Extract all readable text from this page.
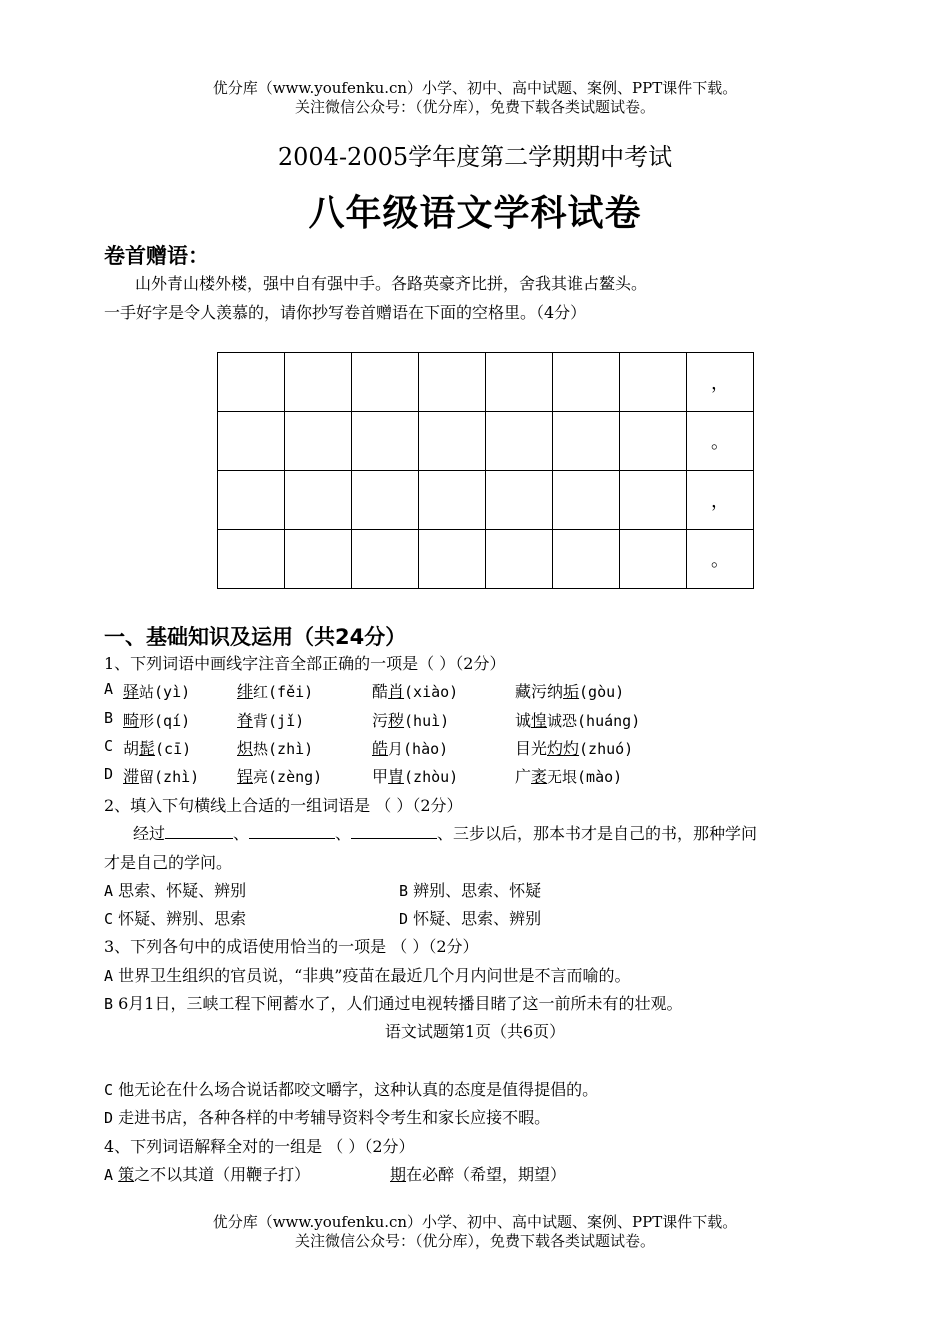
优分库（www.youfenku.cn）小学、初中、高中试题、案例、PPT课件下载。
关注微信公众号：（优分库），免费下载各类试题试卷。
2004-2005学年度第二学期期中考试
八年级语文学科试卷
卷首赠语：
山外青山楼外楼，强中自有强中手。各路英豪齐比拼，舍我其谁占鳌头。
一手好字是令人羡慕的，请你抄写卷首赠语在下面的空格里。（4分）
							，
							。
							，
							。
一、基础知识及运用（共24分）
1、下列词语中画线字注音全部正确的一项是（ ）（2分）
A 驿站(yì)	绯红(fěi)	酷肖(xiào)	藏污纳垢(gòu)
B 畸形(qí)	脊背(jǐ)	污秽(huì)	诚惶诚恐(huáng)
C 胡髭(cī)	炽热(zhì)	皓月(hào)	目光灼灼(zhuó)
D 滞留(zhì) 锃亮(zèng)	甲胄(zhòu)	广袤无垠(mào)
2、填入下句横线上合适的一组词语是 （ ）（2分）
经过	、	、	、三步以后，那本书才是自己的书，那种学问
才是自己的学问。
A 思索、怀疑、辨别	B 辨别、思索、怀疑
C 怀疑、辨别、思索	D 怀疑、思索、辨别
3、下列各句中的成语使用恰当的一项是 （ ）（2分）
A 世界卫生组织的官员说，“非典”疫苗在最近几个月内问世是不言而喻的。
B 6月1日，三峡工程下闸蓄水了，人们通过电视转播目睹了这一前所未有的壮观。
语文试题第1页（共6页）
C 他无论在什么场合说话都咬文嚼字，这种认真的态度是值得提倡的。
D 走进书店，各种各样的中考辅导资料令考生和家长应接不暇。
4、下列词语解释全对的一组是 （ ）（2分）
A 策之不以其道（用鞭子打）	期在必醉（希望，期望）
优分库（www.youfenku.cn）小学、初中、高中试题、案例、PPT课件下载。
关注微信公众号：（优分库），免费下载各类试题试卷。
